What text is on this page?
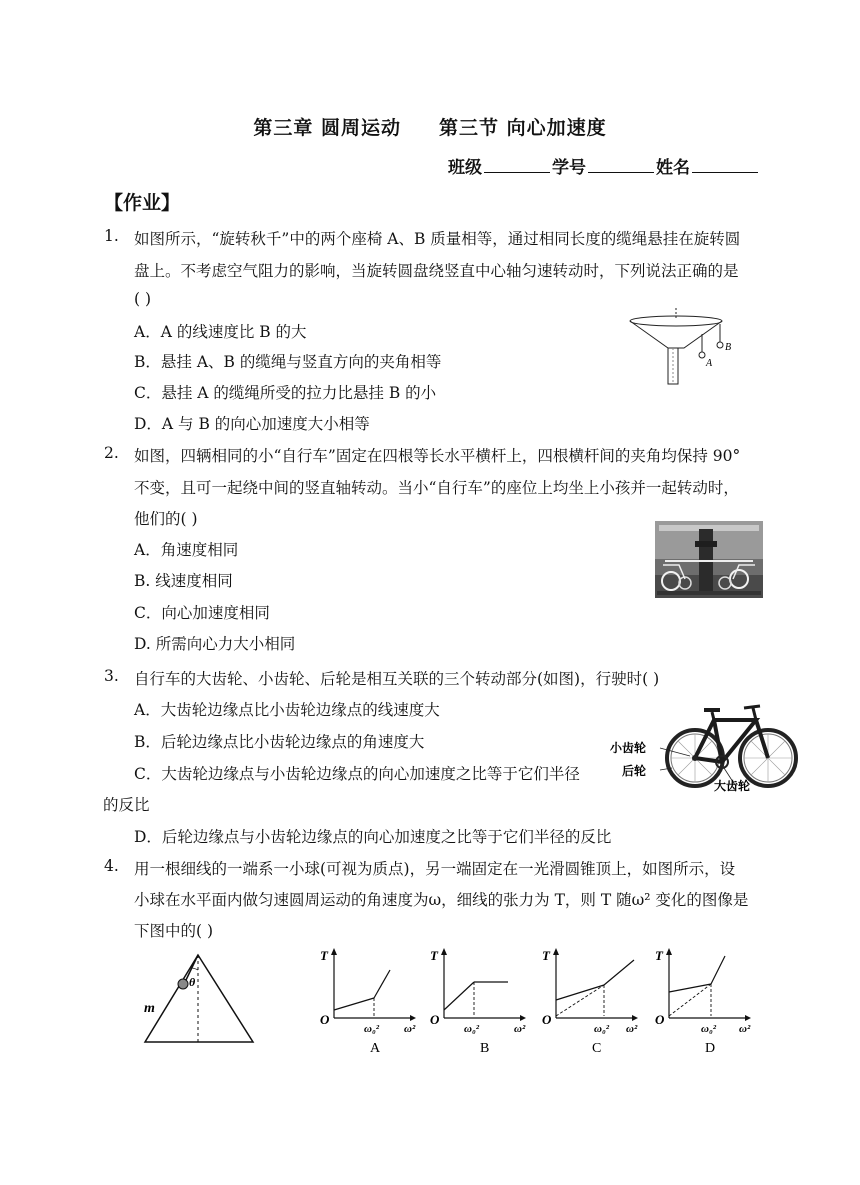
第三章 圆周运动 第三节 向心加速度
班级	学号	姓名
【作业】
1. 如图所示，“旋转秋千”中的两个座椅 A、B 质量相等，通过相同长度的缆绳悬挂在旋转圆
盘上。不考虑空气阻力的影响，当旋转圆盘绕竖直中心轴匀速转动时，下列说法正确的是
( )
A．A 的线速度比 B 的大
B．悬挂 A、B 的缆绳与竖直方向的夹角相等
C．悬挂 A 的缆绳所受的拉力比悬挂 B 的小
D．A 与 B 的向心加速度大小相等
A
B
2. 如图，四辆相同的小“自行车”固定在四根等长水平横杆上，四根横杆间的夹角均保持 90°
不变，且可一起绕中间的竖直轴转动。当小“自行车”的座位上均坐上小孩并一起转动时，
他们的( )
A．角速度相同
B. 线速度相同
C．向心加速度相同
D. 所需向心力大小相同
3. 自行车的大齿轮、小齿轮、后轮是相互关联的三个转动部分(如图)，行驶时( )
A．大齿轮边缘点比小齿轮边缘点的线速度大
B．后轮边缘点比小齿轮边缘点的角速度大
C．大齿轮边缘点与小齿轮边缘点的向心加速度之比等于它们半径
的反比
D．后轮边缘点与小齿轮边缘点的向心加速度之比等于它们半径的反比
小齿轮
后轮
大齿轮
4. 用一根细线的一端系一小球(可视为质点)，另一端固定在一光滑圆锥顶上，如图所示，设
小球在水平面内做匀速圆周运动的角速度为ω，细线的张力为 T，则 T 随ω² 变化的图像是
下图中的( )
m
θ
T
O
ω₀² ω²
A
T
O
ω₀²	ω²
B
T
O
ω₀² ω²
C
T
O
ω₀² ω²
D
